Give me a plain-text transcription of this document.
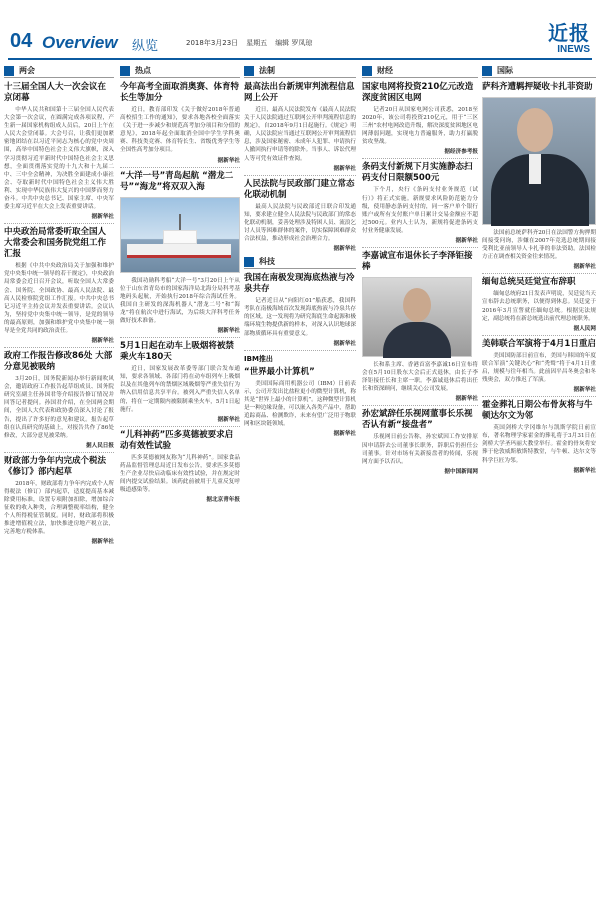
04 Overview 纵览	2018年3月23日 星期五 编辑 罗凤琼	近报
INEWS
两会
十三届全国人大一次会议在京闭幕
中华人民共和国第十三届全国人民代表大会第一次会议，在圆满完成各项议程，产生新一届国家机构组成人员后，20日上午在人民大会堂闭幕。大会号召，让我们更加紧密地团结在以习近平同志为核心的党中央周围，高举中国特色社会主义伟大旗帜，深入学习贯彻习近平新时代中国特色社会主义思想，全面贯彻落实党的十九大和十九届二中、三中全会精神，为决胜全面建成小康社会、夺取新时代中国特色社会主义伟大胜利、实现中华民族伟大复兴的中国梦而努力奋斗。中共中央总书记、国家主席、中央军委主席习近平在大会上发表重要讲话。
据新华社
中央政治局常委听取全国人大常委会和国务院党组工作汇报
根据《中共中央政治局关于加强和维护党中央集中统一领导的若干规定》，中央政治局常委会近日召开会议，听取全国人大常委会、国务院、全国政协、最高人民法院、最高人民检察院党组工作汇报。中共中央总书记习近平主持会议并发表重要讲话。会议认为，坚持党中央集中统一领导，是党的领导的最高原则，加强和维护党中央集中统一领导是全党共同的政治责任。
据新华社
政府工作报告修改86处 大部分意见被吸纳
3月20日，国务院新闻办举行新闻吹风会，邀请政府工作报告起草组成员、国务院研究室副主任孙国君等介绍报告修订情况并回答记者提问。孙国君介绍，在全国两会期间，全国人大代表和政协委员深入讨论了报告，提出了许多好的意见和建议。报告起草组在认真研究的基础上，对报告共作了86处修改，大部分意见被采纳。
据人民日报
财政部力争年内完成个税法《修订》部内起草
2018年，财政部将力争年内完成个人所得税法（修订）部内起草，适度提高基本减除费用标准，设置专项附加扣除，增加综合征收的收入种类，合理调整税率结构，健全个人所得税征管制度。同时，财政部将积极推进增值税立法，加快推进房地产税立法，完善地方税体系。
据新华社
热点
今年高考全面取消奥赛、体育特长生等加分
近日，教育部印发《关于做好2018年普通高校招生工作的通知》，要求各地各校全面落实《关于进一步减少和规范高考加分项目和分值的意见》，2018年起全面取消全国中学生学科奥赛、科技类竞赛、体育特长生、省级优秀学生等全国性高考加分项目。
据新华社
“大洋一号”青岛起航 “潜龙二号”“海龙”将双双入海
我国功勋科考船“大洋一号”3月20日上午从位于山东省青岛市的国家海洋局北海分局科考基地码头起航，开始执行2018年综合海试任务。我国自主研发的深海机器人“潜龙二号”和“海龙”将在航次中进行海试，为后续大洋科考任务做好技术准备。
据新华社
5月1日起在动车上吸烟将被禁乘火车180天
近日，国家发展改革委等部门联合发布通知，要求各领域、各部门将在动车组列车上吸烟以及在其他列车的禁烟区域吸烟等严重失信行为纳入信用信息共享平台。被列入严重失信人名单的，将在一定期限内被限制乘坐火车，5月1日起施行。
据新华社
“儿科神药”匹多莫德被要求启动有效性试验
匹多莫德被网友称为“儿科神药”。国家食品药品监督管理总局近日发布公告，要求匹多莫德生产企业尽快启动临床有效性试验，并在规定时间内提交试验结果。该药此前被用于儿童反复呼吸道感染等。
据北京青年报
法制
最高法出台新规审判流程信息网上公开
近日，最高人民法院发布《最高人民法院关于人民法院通过互联网公开审判流程信息的规定》，自2018年9月1日起施行。《规定》明确，人民法院应当通过互联网公开审判流程信息，涉及国家秘密、未成年人犯罪、申请执行人撤回执行申请等的除外。当事人、诉讼代理人等可凭有效证件查阅。
据新华社
人民法院与民政部门建立常态化联动机制
最高人民法院与民政部近日联合印发通知，要求建立健全人民法院与民政部门的常态化联动机制，妥善处理涉及特困人员、流浪乞讨人员等困难群体的案件，切实保障困难群众合法权益，推动形成社会治理合力。
据新华社
科技
我国在南极发现海底热液与冷泉共存
记者近日从“向阳红01”船获悉，我国科考队在南极海域首次发现海底热液与冷泉共存的区域。这一发现将为研究海底生命起源和极端环境生物提供新的样本，对深入认识地球深部物质循环具有重要意义。
据新华社
IBM推出
“世界最小计算机”
美国国际商用机器公司（IBM）日前表示，公司开发出比盐粒更小的微型计算机，称其是“世界上最小的计算机”。这种微型计算机是一种边缘设备，可以嵌入各类产品中，帮助追踪商品、检测欺诈，未来有望广泛用于物联网和区块链领域。
据新华社
财经
国家电网将投资210亿元改造深度贫困区电网
记者20日从国家电网公司获悉，2018至2020年，该公司将投资210亿元，用于“三区三州”农村电网改造升级，解决深度贫困地区电网薄弱问题，实现电力普遍服务，助力打赢脱贫攻坚战。
据经济参考报
条码支付新规下月实施静态扫码支付日限额500元
下个月，央行《条码支付业务规范（试行）》将正式实施。新规要求风险防范能力分级，使用静态条码支付的，同一客户单个银行账户或所有支付账户单日累计交易金额应不超过500元。业内人士认为，新规将促进条码支付业务健康发展。
据新华社
李嘉诚宣布退休长子李泽钜接棒
长和系主席、香港首富李嘉诚16日宣布将会在5月10日股东大会后正式退休，由长子李泽钜接任长和主席一职。李嘉诚退休后将出任长和资深顾问，继续关心公司发展。
据新华社
孙宏斌辞任乐视网董事长乐视否认有新“接盘者”
乐视网日前公告称，孙宏斌因工作安排原因申请辞去公司董事长职务，辞职后仍担任公司董事。针对市场有关新接盘者的传闻，乐视网方面予以否认。
据中国新闻网
国际
萨科齐遭羁押疑收卡扎菲资助
法国前总统萨科齐20日在法国警方拘押期间接受问询，涉嫌在2007年竞选总统期间接受利比亚前领导人卡扎菲的非法资助。法国检方正在调查相关资金往来情况。
据新华社
缅甸总统吴廷觉宣布辞职
缅甸总统府21日发表声明说，吴廷觉当天宣布辞去总统职务，以便得到休息。吴廷觉于2016年3月宣誓就任缅甸总统。根据宪法规定，副总统将在新总统选出前代理总统职务。
据人民网
美韩联合军演将于4月1日重启
美国国防部日前宣布，美国与韩国的年度联合军演“关键决心”和“秃鹫”将于4月1日重启，规模与往年相当。此前因平昌冬奥会和冬残奥会，双方推迟了军演。
据新华社
霍金葬礼日期公布骨灰将与牛顿达尔文为邻
英国剑桥大学冈维尔与凯斯学院日前宣布，著名物理学家霍金的葬礼将于3月31日在剑桥大学圣玛丽大教堂举行。霍金的骨灰将安葬于伦敦威斯敏斯特教堂，与牛顿、达尔文等科学巨匠为邻。
据新华社
